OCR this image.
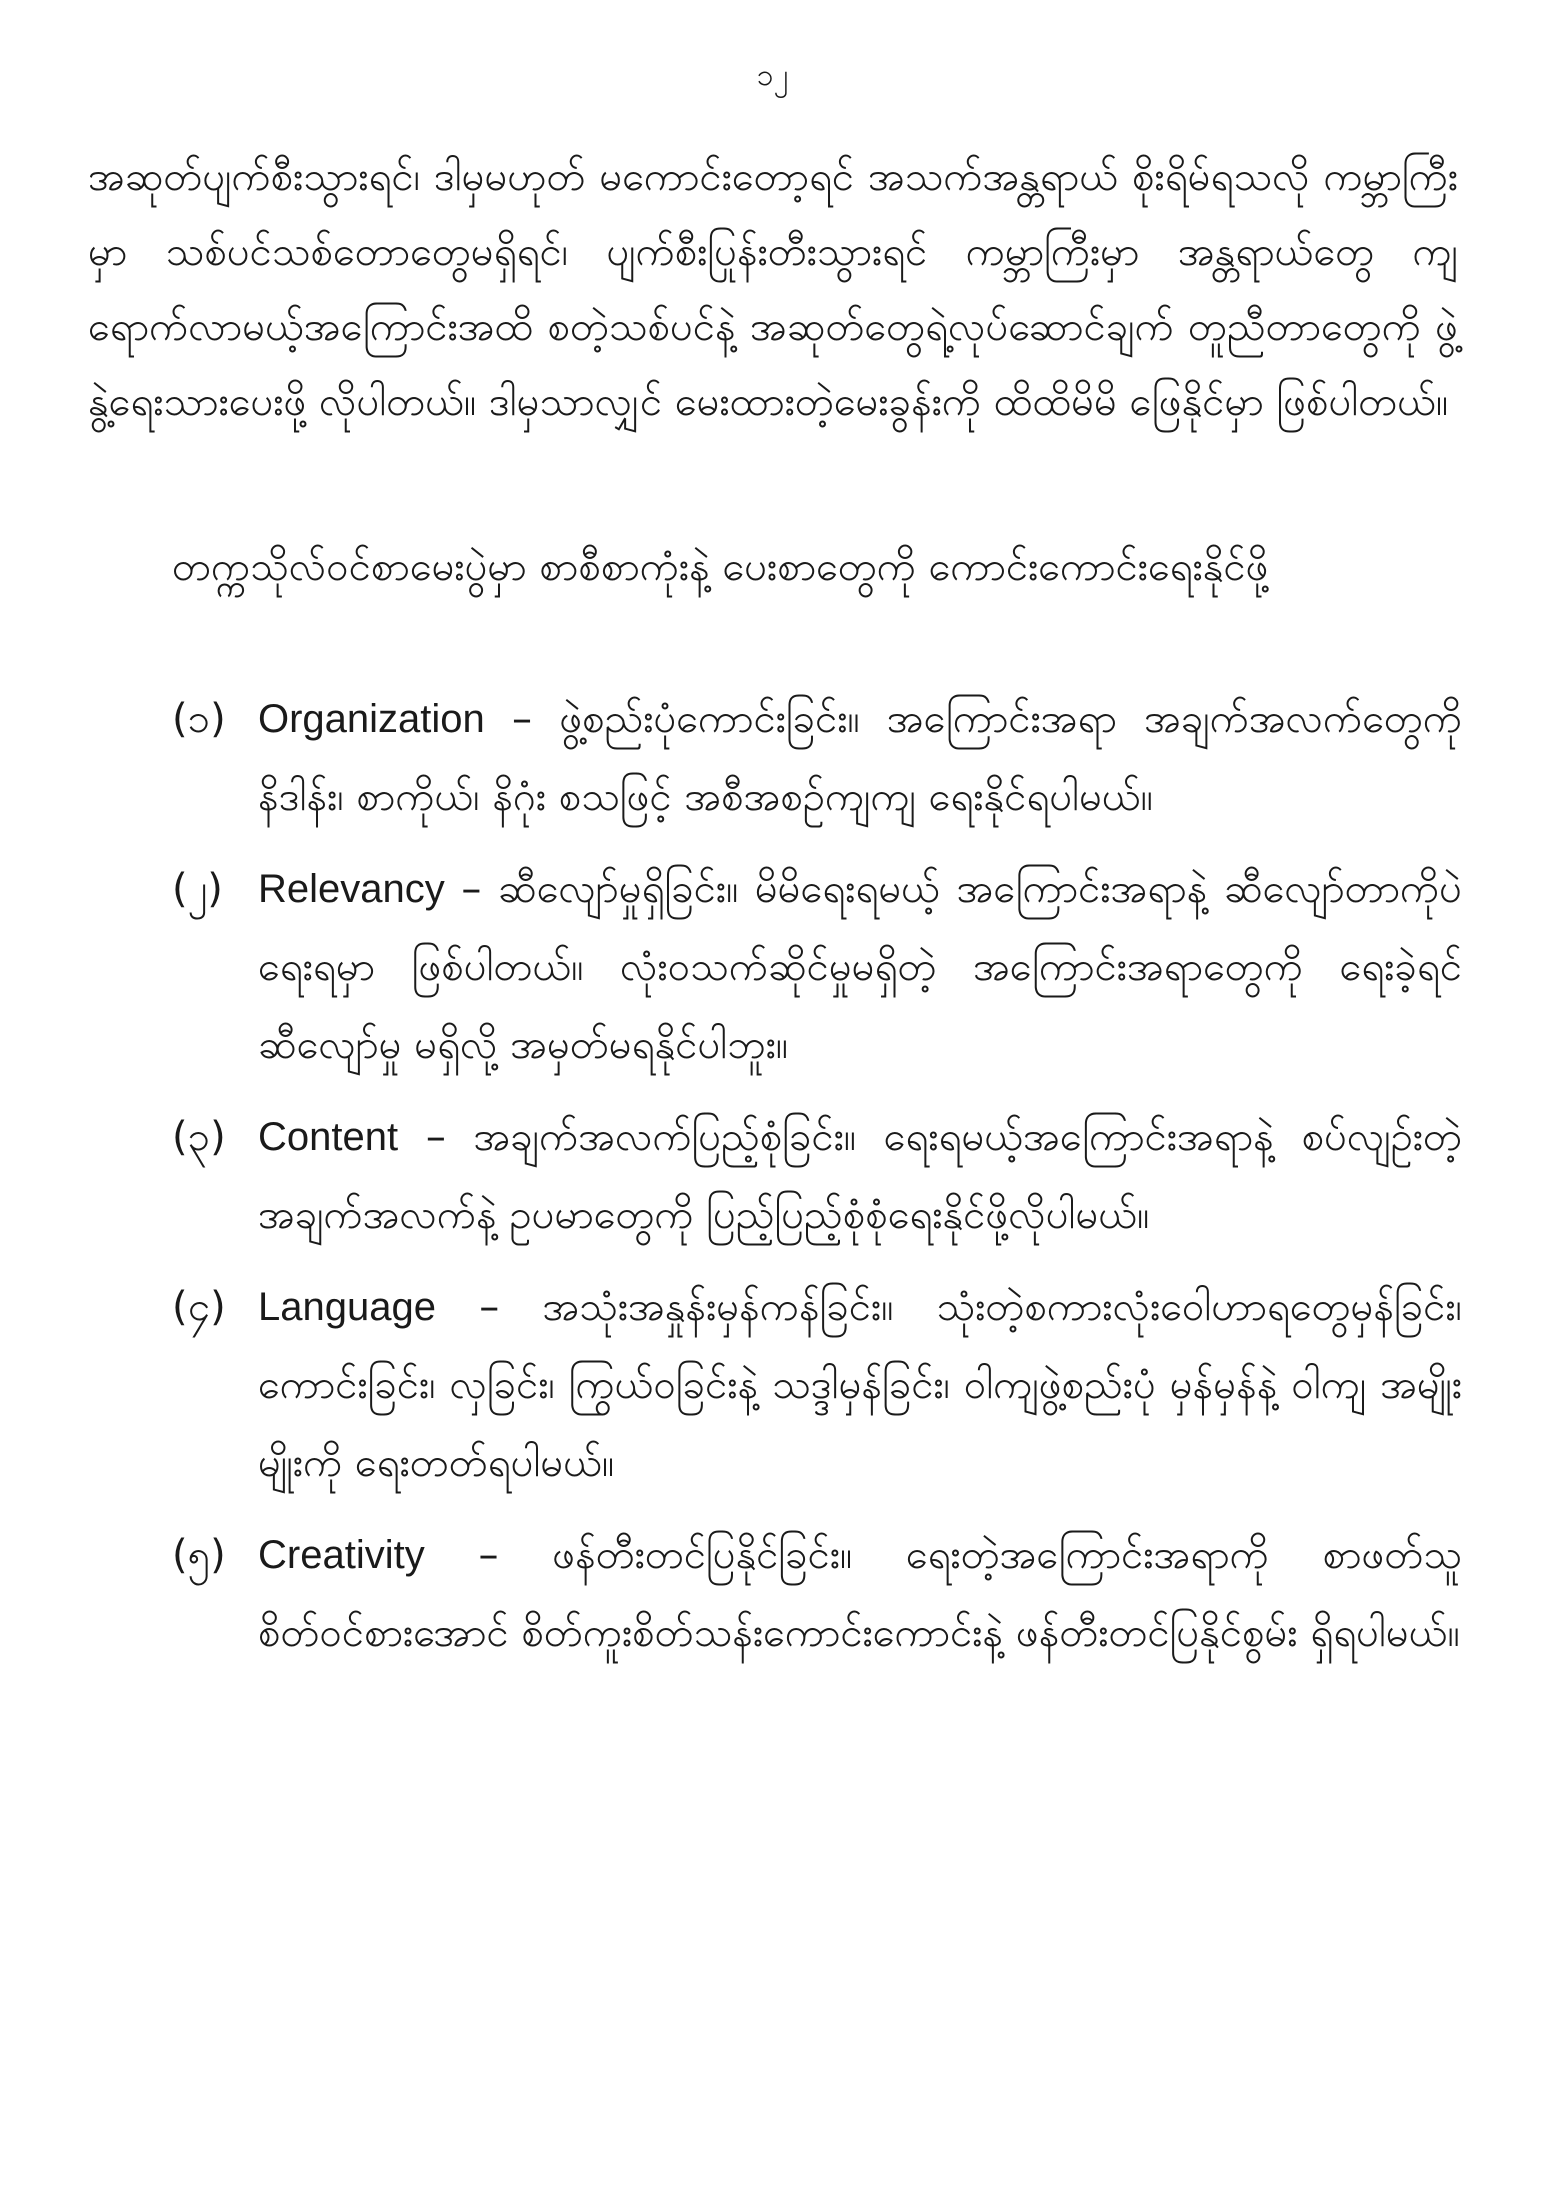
၁၂

အဆုတ်ပျက်စီးသွားရင်၊ ဒါမှမဟုတ် မကောင်းတော့ရင် အသက်အန္တရာယ် စိုးရိမ်ရသလို ကမ္ဘာကြီးမှာ သစ်ပင်သစ်တောတွေမရှိရင်၊ ပျက်စီးပြုန်းတီးသွားရင် ကမ္ဘာကြီးမှာ အန္တရာယ်တွေ ကျရောက်လာမယ့်အကြောင်းအထိ စတဲ့သစ်ပင်နဲ့ အဆုတ်တွေရဲ့လုပ်ဆောင်ချက် တူညီတာတွေကို ဖွဲ့နွဲ့ရေးသားပေးဖို့ လိုပါတယ်။ ဒါမှသာလျှင် မေးထားတဲ့မေးခွန်းကို ထိထိမိမိ ဖြေနိုင်မှာ ဖြစ်ပါတယ်။

တက္ကသိုလ်ဝင်စာမေးပွဲမှာ စာစီစာကုံးနဲ့ ပေးစာတွေကို ကောင်းကောင်းရေးနိုင်ဖို့

(၁) Organization – ဖွဲ့စည်းပုံကောင်းခြင်း။ အကြောင်းအရာ အချက်အလက်တွေကို နိဒါန်း၊ စာကိုယ်၊ နိဂုံး စသဖြင့် အစီအစဉ်ကျကျ ရေးနိုင်ရပါမယ်။
(၂) Relevancy – ဆီလျော်မှုရှိခြင်း။ မိမိရေးရမယ့် အကြောင်းအရာနဲ့ ဆီလျော်တာကိုပဲ ရေးရမှာ ဖြစ်ပါတယ်။ လုံးဝသက်ဆိုင်မှုမရှိတဲ့ အကြောင်းအရာတွေကို ရေးခဲ့ရင် ဆီလျော်မှု မရှိလို့ အမှတ်မရနိုင်ပါဘူး။
(၃) Content – အချက်အလက်ပြည့်စုံခြင်း။ ရေးရမယ့်အကြောင်းအရာနဲ့ စပ်လျဉ်းတဲ့ အချက်အလက်နဲ့ ဥပမာတွေကို ပြည့်ပြည့်စုံစုံရေးနိုင်ဖို့လိုပါမယ်။
(၄) Language – အသုံးအနှုန်းမှန်ကန်ခြင်း။ သုံးတဲ့စကားလုံးဝေါဟာရတွေမှန်ခြင်း၊ ကောင်းခြင်း၊ လှခြင်း၊ ကြွယ်ဝခြင်းနဲ့ သဒ္ဒါမှန်ခြင်း၊ ဝါကျဖွဲ့စည်းပုံ မှန်မှန်နဲ့ ဝါကျ အမျိုးမျိုးကို ရေးတတ်ရပါမယ်။
(၅) Creativity – ဖန်တီးတင်ပြနိုင်ခြင်း။ ရေးတဲ့အကြောင်းအရာကို စာဖတ်သူ စိတ်ဝင်စားအောင် စိတ်ကူးစိတ်သန်းကောင်းကောင်းနဲ့ ဖန်တီးတင်ပြနိုင်စွမ်း ရှိရပါမယ်။
